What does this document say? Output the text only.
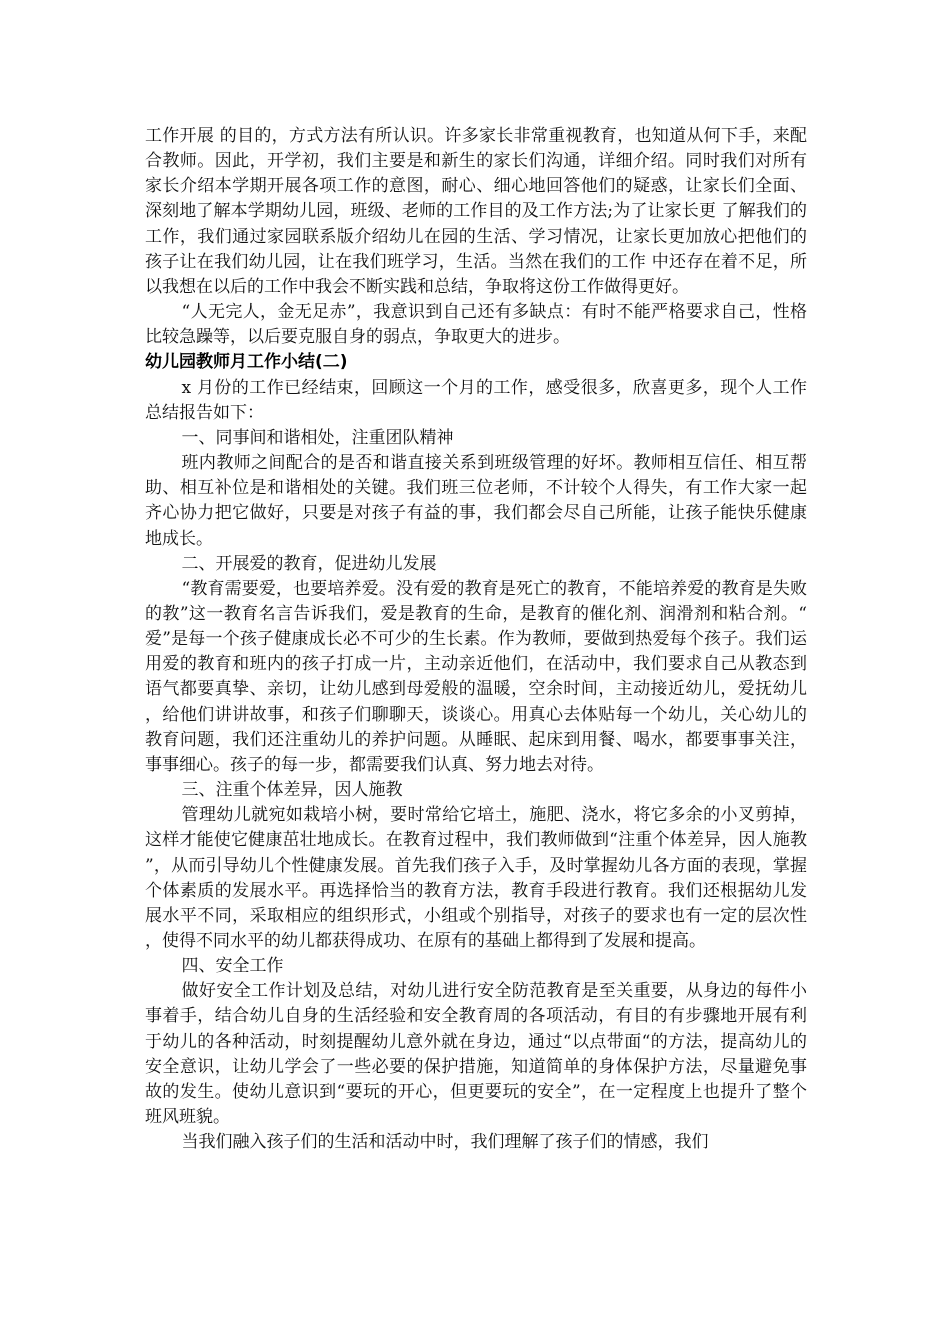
工作开展 的目的，方式方法有所认识。许多家长非常重视教育，也知道从何下手，来配合教师。因此，开学初，我们主要是和新生的家长们沟通，详细介绍。同时我们对所有家长介绍本学期开展各项工作的意图，耐心、细心地回答他们的疑惑，让家长们全面、深刻地了解本学期幼儿园，班级、老师的工作目的及工作方法;为了让家长更 了解我们的工作，我们通过家园联系版介绍幼儿在园的生活、学习情况，让家长更加放心把他们的孩子让在我们幼儿园，让在我们班学习，生活。当然在我们的工作 中还存在着不足，所以我想在以后的工作中我会不断实践和总结，争取将这份工作做得更好。

“人无完人，金无足赤”，我意识到自己还有多缺点：有时不能严格要求自己，性格比较急躁等，以后要克服自身的弱点，争取更大的进步。

幼儿园教师月工作小结(二)

x 月份的工作已经结束，回顾这一个月的工作，感受很多，欣喜更多，现个人工作总结报告如下：

一、同事间和谐相处，注重团队精神

班内教师之间配合的是否和谐直接关系到班级管理的好坏。教师相互信任、相互帮助、相互补位是和谐相处的关键。我们班三位老师，不计较个人得失，有工作大家一起齐心协力把它做好，只要是对孩子有益的事，我们都会尽自己所能，让孩子能快乐健康地成长。

二、开展爱的教育，促进幼儿发展

“教育需要爱，也要培养爱。没有爱的教育是死亡的教育，不能培养爱的教育是失败的教”这一教育名言告诉我们，爱是教育的生命，是教育的催化剂、润滑剂和粘合剂。“爱”是每一个孩子健康成长必不可少的生长素。作为教师，要做到热爱每个孩子。我们运用爱的教育和班内的孩子打成一片，主动亲近他们，在活动中，我们要求自己从教态到语气都要真挚、亲切，让幼儿感到母爱般的温暖，空余时间，主动接近幼儿，爱抚幼儿，给他们讲讲故事，和孩子们聊聊天，谈谈心。用真心去体贴每一个幼儿，关心幼儿的教育问题，我们还注重幼儿的养护问题。从睡眠、起床到用餐、喝水，都要事事关注，事事细心。孩子的每一步，都需要我们认真、努力地去对待。

三、注重个体差异，因人施教

管理幼儿就宛如栽培小树，要时常给它培土，施肥、浇水，将它多余的小叉剪掉，这样才能使它健康茁壮地成长。在教育过程中，我们教师做到“注重个体差异，因人施教”，从而引导幼儿个性健康发展。首先我们孩子入手，及时掌握幼儿各方面的表现，掌握个体素质的发展水平。再选择恰当的教育方法，教育手段进行教育。我们还根据幼儿发展水平不同，采取相应的组织形式，小组或个别指导，对孩子的要求也有一定的层次性，使得不同水平的幼儿都获得成功、在原有的基础上都得到了发展和提高。

四、安全工作

做好安全工作计划及总结，对幼儿进行安全防范教育是至关重要，从身边的每件小事着手，结合幼儿自身的生活经验和安全教育周的各项活动，有目的有步骤地开展有利于幼儿的各种活动，时刻提醒幼儿意外就在身边，通过“以点带面“的方法，提高幼儿的安全意识，让幼儿学会了一些必要的保护措施，知道简单的身体保护方法，尽量避免事故的发生。使幼儿意识到“要玩的开心，但更要玩的安全”，在一定程度上也提升了整个班风班貌。

当我们融入孩子们的生活和活动中时，我们理解了孩子们的情感，我们
